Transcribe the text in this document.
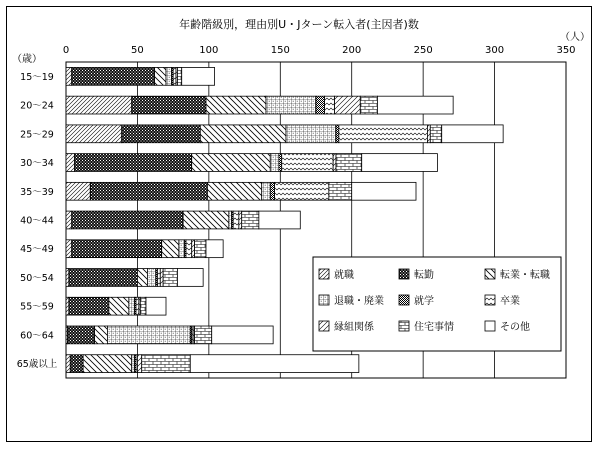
年齢階級別，理由別U・Jターン転入者(主因者)数
（人）
（歳）
0	50	100	150	200	250	300	350
15～19
20～24
25～29
30～34
35～39
40～44
45～49
50～54
55～59
60～64
65歳以上
就職	転勤	転業・転職
退職・廃業	就学	卒業
縁組関係	住宅事情	その他
